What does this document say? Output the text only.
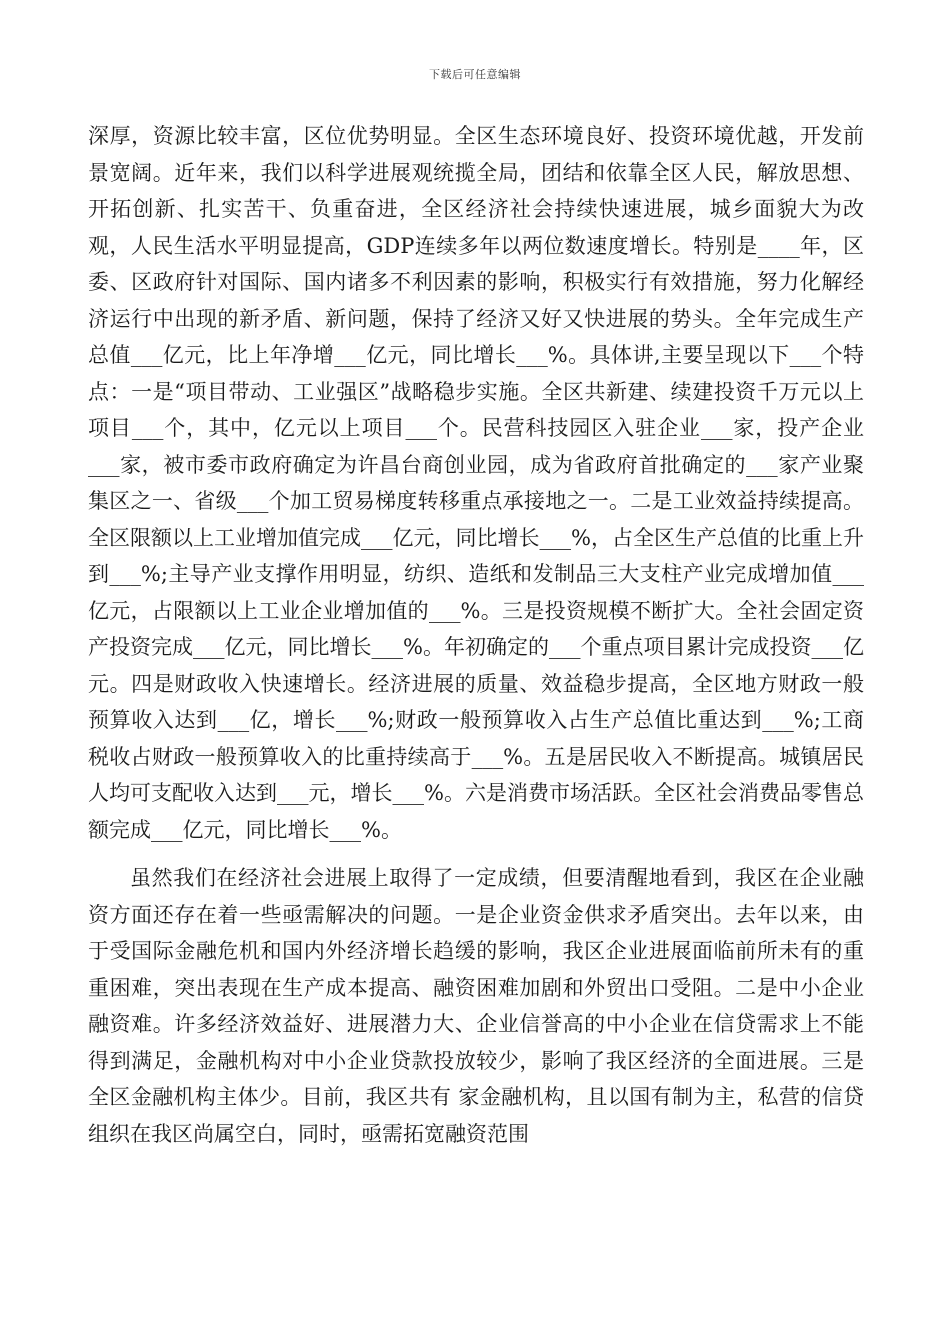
下载后可任意编辑

深厚，资源比较丰富，区位优势明显。全区生态环境良好、投资环境优越，开发前景宽阔。近年来，我们以科学进展观统揽全局，团结和依靠全区人民，解放思想、开拓创新、扎实苦干、负重奋进，全区经济社会持续快速进展，城乡面貌大为改观，人民生活水平明显提高，GDP连续多年以两位数速度增长。特别是____年，区委、区政府针对国际、国内诸多不利因素的影响，积极实行有效措施，努力化解经济运行中出现的新矛盾、新问题，保持了经济又好又快进展的势头。全年完成生产总值___亿元，比上年净增___亿元，同比增长___%。具体讲,主要呈现以下___个特点：一是“项目带动、工业强区”战略稳步实施。全区共新建、续建投资千万元以上项目___个，其中，亿元以上项目___个。民营科技园区入驻企业___家，投产企业___家，被市委市政府确定为许昌台商创业园，成为省政府首批确定的___家产业聚集区之一、省级___个加工贸易梯度转移重点承接地之一。二是工业效益持续提高。全区限额以上工业增加值完成___亿元，同比增长___%，占全区生产总值的比重上升到___%;主导产业支撑作用明显，纺织、造纸和发制品三大支柱产业完成增加值___亿元，占限额以上工业企业增加值的___%。三是投资规模不断扩大。全社会固定资产投资完成___亿元，同比增长___%。年初确定的___个重点项目累计完成投资___亿元。四是财政收入快速增长。经济进展的质量、效益稳步提高，全区地方财政一般预算收入达到___亿，增长___%;财政一般预算收入占生产总值比重达到___%;工商税收占财政一般预算收入的比重持续高于___%。五是居民收入不断提高。城镇居民人均可支配收入达到___元，增长___%。六是消费市场活跃。全区社会消费品零售总额完成___亿元，同比增长___%。

虽然我们在经济社会进展上取得了一定成绩，但要清醒地看到，我区在企业融资方面还存在着一些亟需解决的问题。一是企业资金供求矛盾突出。去年以来，由于受国际金融危机和国内外经济增长趋缓的影响，我区企业进展面临前所未有的重重困难，突出表现在生产成本提高、融资困难加剧和外贸出口受阻。二是中小企业融资难。许多经济效益好、进展潜力大、企业信誉高的中小企业在信贷需求上不能得到满足，金融机构对中小企业贷款投放较少，影响了我区经济的全面进展。三是全区金融机构主体少。目前，我区共有 家金融机构，且以国有制为主，私营的信贷组织在我区尚属空白，同时，亟需拓宽融资范围
